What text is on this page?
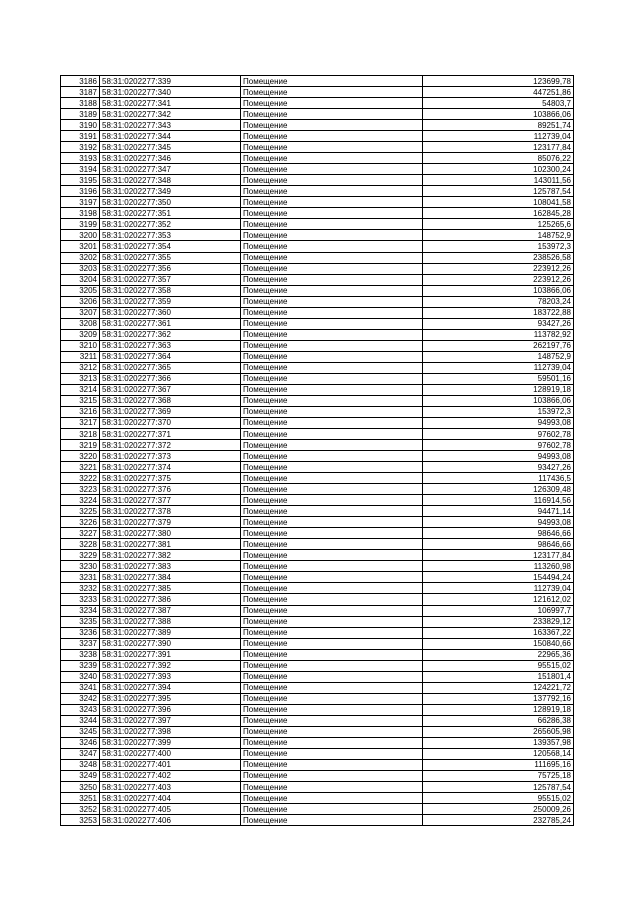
3186	58:31:0202277:339	Помещение	123699,78
3187	58:31:0202277:340	Помещение	447251,86
3188	58:31:0202277:341	Помещение	54803,7
3189	58:31:0202277:342	Помещение	103866,06
3190	58:31:0202277:343	Помещение	89251,74
3191	58:31:0202277:344	Помещение	112739,04
3192	58:31:0202277:345	Помещение	123177,84
3193	58:31:0202277:346	Помещение	85076,22
3194	58:31:0202277:347	Помещение	102300,24
3195	58:31:0202277:348	Помещение	143011,56
3196	58:31:0202277:349	Помещение	125787,54
3197	58:31:0202277:350	Помещение	108041,58
3198	58:31:0202277:351	Помещение	162845,28
3199	58:31:0202277:352	Помещение	125265,6
3200	58:31:0202277:353	Помещение	148752,9
3201	58:31:0202277:354	Помещение	153972,3
3202	58:31:0202277:355	Помещение	238526,58
3203	58:31:0202277:356	Помещение	223912,26
3204	58:31:0202277:357	Помещение	223912,26
3205	58:31:0202277:358	Помещение	103866,06
3206	58:31:0202277:359	Помещение	78203,24
3207	58:31:0202277:360	Помещение	183722,88
3208	58:31:0202277:361	Помещение	93427,26
3209	58:31:0202277:362	Помещение	113782,92
3210	58:31:0202277:363	Помещение	262197,76
3211	58:31:0202277:364	Помещение	148752,9
3212	58:31:0202277:365	Помещение	112739,04
3213	58:31:0202277:366	Помещение	59501,16
3214	58:31:0202277:367	Помещение	128919,18
3215	58:31:0202277:368	Помещение	103866,06
3216	58:31:0202277:369	Помещение	153972,3
3217	58:31:0202277:370	Помещение	94993,08
3218	58:31:0202277:371	Помещение	97602,78
3219	58:31:0202277:372	Помещение	97602,78
3220	58:31:0202277:373	Помещение	94993,08
3221	58:31:0202277:374	Помещение	93427,26
3222	58:31:0202277:375	Помещение	117436,5
3223	58:31:0202277:376	Помещение	126309,48
3224	58:31:0202277:377	Помещение	116914,56
3225	58:31:0202277:378	Помещение	94471,14
3226	58:31:0202277:379	Помещение	94993,08
3227	58:31:0202277:380	Помещение	98646,66
3228	58:31:0202277:381	Помещение	98646,66
3229	58:31:0202277:382	Помещение	123177,84
3230	58:31:0202277:383	Помещение	113260,98
3231	58:31:0202277:384	Помещение	154494,24
3232	58:31:0202277:385	Помещение	112739,04
3233	58:31:0202277:386	Помещение	121612,02
3234	58:31:0202277:387	Помещение	106997,7
3235	58:31:0202277:388	Помещение	233829,12
3236	58:31:0202277:389	Помещение	163367,22
3237	58:31:0202277:390	Помещение	150840,66
3238	58:31:0202277:391	Помещение	22965,36
3239	58:31:0202277:392	Помещение	95515,02
3240	58:31:0202277:393	Помещение	151801,4
3241	58:31:0202277:394	Помещение	124221,72
3242	58:31:0202277:395	Помещение	137792,16
3243	58:31:0202277:396	Помещение	128919,18
3244	58:31:0202277:397	Помещение	66286,38
3245	58:31:0202277:398	Помещение	265605,98
3246	58:31:0202277:399	Помещение	139357,98
3247	58:31:0202277:400	Помещение	120568,14
3248	58:31:0202277:401	Помещение	111695,16
3249	58:31:0202277:402	Помещение	75725,18
3250	58:31:0202277:403	Помещение	125787,54
3251	58:31:0202277:404	Помещение	95515,02
3252	58:31:0202277:405	Помещение	250009,26
3253	58:31:0202277:406	Помещение	232785,24
